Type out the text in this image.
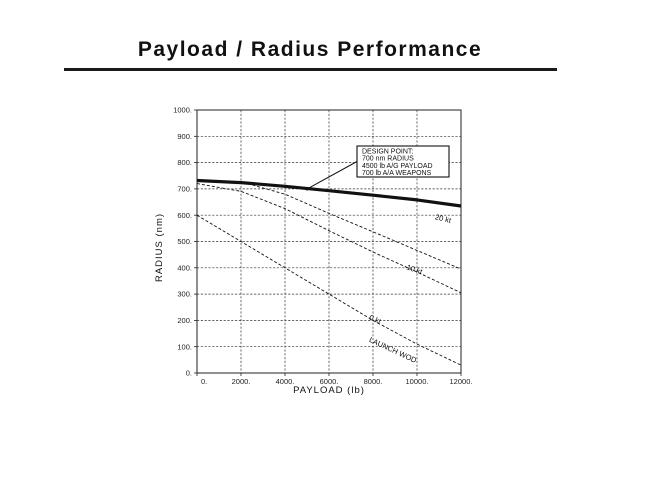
Payload / Radius Performance
0.
100.
200.
300.
400.
500.
600.
700.
800.
900.
1000.
0.	2000.	4000.	6000.	8000.	10000.	12000.
PAYLOAD (lb)
RADIUS (nm)	20 kt
10 kt
0 kt
LAUNCH WOD
DESIGN POINT:
700 nm RADIUS
4500 lb A/G PAYLOAD
700 lb A/A WEAPONS
